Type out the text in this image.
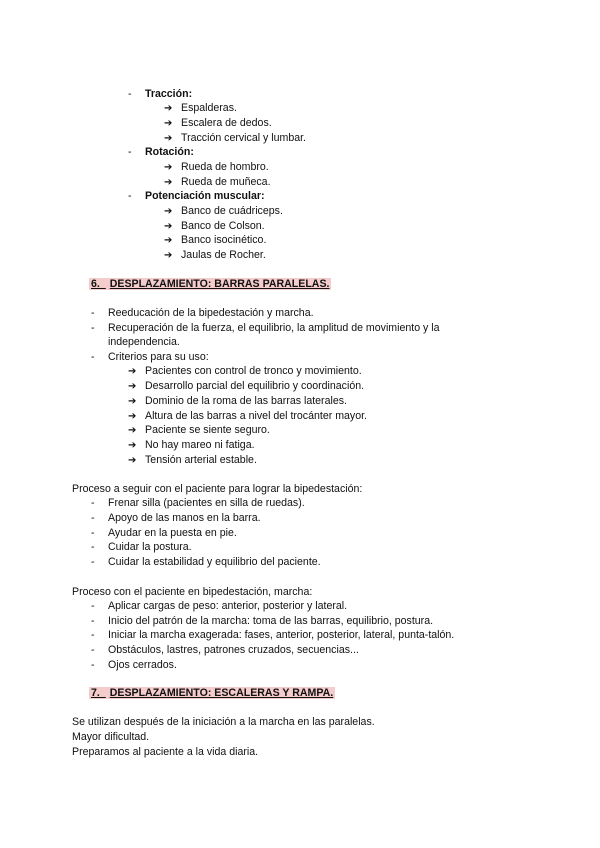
- Tracción:
➔ Espalderas.
➔ Escalera de dedos.
➔ Tracción cervical y lumbar.
- Rotación:
➔ Rueda de hombro.
➔ Rueda de muñeca.
- Potenciación muscular:
➔ Banco de cuádriceps.
➔ Banco de Colson.
➔ Banco isocinético.
➔ Jaulas de Rocher.
6.  DESPLAZAMIENTO: BARRAS PARALELAS.
- Reeducación de la bipedestación y marcha.
- Recuperación de la fuerza, el equilibrio, la amplitud de movimiento y la
independencia.
- Criterios para su uso:
➔ Pacientes con control de tronco y movimiento.
➔ Desarrollo parcial del equilibrio y coordinación.
➔ Dominio de la roma de las barras laterales.
➔ Altura de las barras a nivel del trocánter mayor.
➔ Paciente se siente seguro.
➔ No hay mareo ni fatiga.
➔ Tensión arterial estable.
Proceso a seguir con el paciente para lograr la bipedestación:
- Frenar silla (pacientes en silla de ruedas).
- Apoyo de las manos en la barra.
- Ayudar en la puesta en pie.
- Cuidar la postura.
- Cuidar la estabilidad y equilibrio del paciente.
Proceso con el paciente en bipedestación, marcha:
- Aplicar cargas de peso: anterior, posterior y lateral.
- Inicio del patrón de la marcha: toma de las barras, equilibrio, postura.
- Iniciar la marcha exagerada: fases, anterior, posterior, lateral, punta-talón.
- Obstáculos, lastres, patrones cruzados, secuencias...
- Ojos cerrados.
7.  DESPLAZAMIENTO: ESCALERAS Y RAMPA.
Se utilizan después de la iniciación a la marcha en las paralelas.
Mayor dificultad.
Preparamos al paciente a la vida diaria.
